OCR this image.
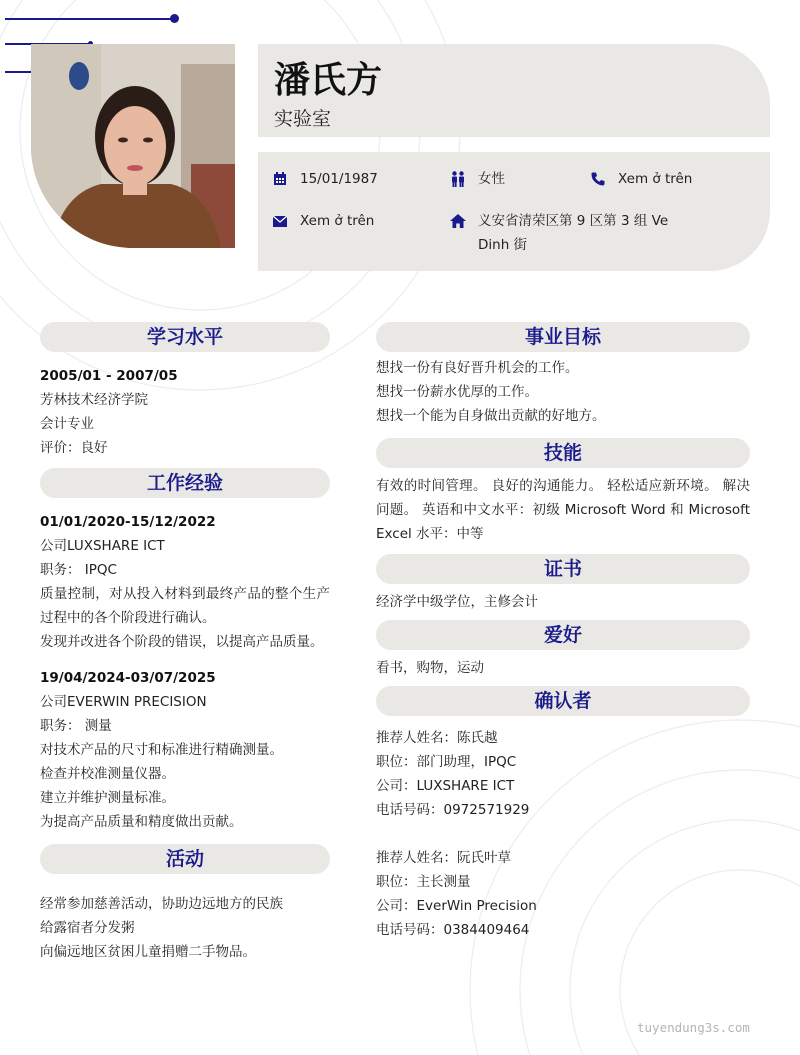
潘氏方
实验室
15/01/1987	女性	Xem ở trên
Xem ở trên	义安省清荣区第 9 区第 3 组 Ve Dinh 街
学习水平

2005/01 - 2007/05

芳林技术经济学院

会计专业

评价：良好

工作经验

01/01/2020-15/12/2022

公司LUXSHARE ICT

职务： IPQC

质量控制，对从投入材料到最终产品的整个生产过程中的各个阶段进行确认。

发现并改进各个阶段的错误，以提高产品质量。

19/04/2024-03/07/2025

公司EVERWIN PRECISION

职务： 测量

对技术产品的尺寸和标准进行精确测量。

检查并校准测量仪器。

建立并维护测量标准。

为提高产品质量和精度做出贡献。

活动

经常参加慈善活动，协助边远地方的民族

给露宿者分发粥

向偏远地区贫困儿童捐赠二手物品。

事业目标

想找一份有良好晋升机会的工作。

想找一份薪水优厚的工作。

想找一个能为自身做出贡献的好地方。

技能
有效的时间管理。 良好的沟通能力。 轻松适应新环境。 解决问题。 英语和中文水平：初级 Microsoft Word 和 Microsoft Excel 水平：中等
证书
经济学中级学位，主修会计
爱好
看书，购物，运动
确认者

推荐人姓名：陈氏越

职位：部门助理，IPQC

公司：LUXSHARE ICT

电话号码：0972571929

推荐人姓名：阮氏叶草

职位：主长测量

公司：EverWin Precision

电话号码：0384409464

tuyendung3s.com
